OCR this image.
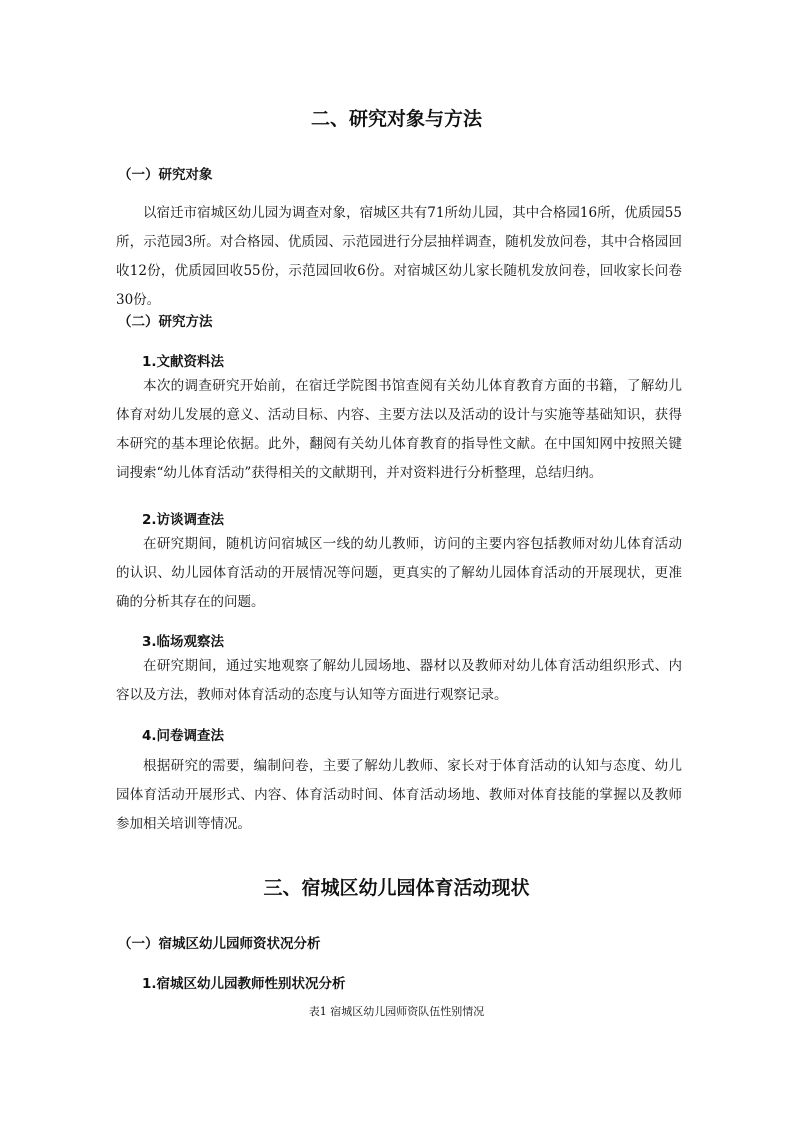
二、研究对象与方法
（一）研究对象
以宿迁市宿城区幼儿园为调查对象，宿城区共有71所幼儿园，其中合格园16所，优质园55所，示范园3所。对合格园、优质园、示范园进行分层抽样调查，随机发放问卷，其中合格园回收12份，优质园回收55份，示范园回收6份。对宿城区幼儿家长随机发放问卷，回收家长问卷30份。
（二）研究方法
1.文献资料法
本次的调查研究开始前，在宿迁学院图书馆查阅有关幼儿体育教育方面的书籍，了解幼儿体育对幼儿发展的意义、活动目标、内容、主要方法以及活动的设计与实施等基础知识，获得本研究的基本理论依据。此外，翻阅有关幼儿体育教育的指导性文献。在中国知网中按照关键词搜索“幼儿体育活动”获得相关的文献期刊，并对资料进行分析整理，总结归纳。
2.访谈调查法
在研究期间，随机访问宿城区一线的幼儿教师，访问的主要内容包括教师对幼儿体育活动的认识、幼儿园体育活动的开展情况等问题，更真实的了解幼儿园体育活动的开展现状，更准确的分析其存在的问题。
3.临场观察法
在研究期间，通过实地观察了解幼儿园场地、器材以及教师对幼儿体育活动组织形式、内容以及方法，教师对体育活动的态度与认知等方面进行观察记录。
4.问卷调查法
根据研究的需要，编制问卷，主要了解幼儿教师、家长对于体育活动的认知与态度、幼儿园体育活动开展形式、内容、体育活动时间、体育活动场地、教师对体育技能的掌握以及教师参加相关培训等情况。
三、宿城区幼儿园体育活动现状
（一）宿城区幼儿园师资状况分析
1.宿城区幼儿园教师性别状况分析
表1 宿城区幼儿园师资队伍性别情况
